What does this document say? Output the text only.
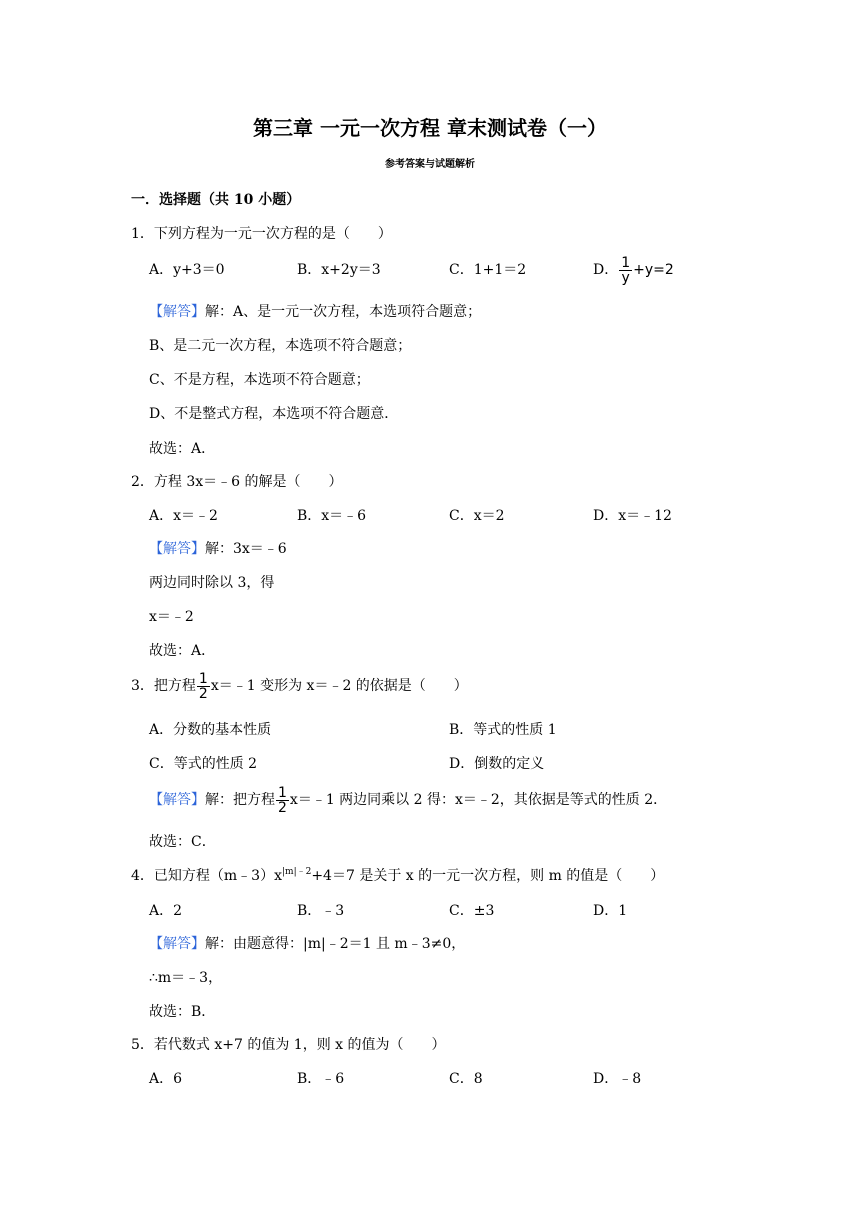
第三章 一元一次方程 章末测试卷（一）
参考答案与试题解析
一．选择题（共 10 小题）
1．下列方程为一元一次方程的是（　　）
A．y+3＝0	B．x+2y＝3	C．1+1＝2	D． $\frac{1}{y} +y=2$
【解答】解：A、是一元一次方程，本选项符合题意；
B、是二元一次方程，本选项不符合题意；
C、不是方程，本选项不符合题意；
D、不是整式方程，本选项不符合题意．
故选：A．
2．方程 3x＝﹣6 的解是（　　）
A．x＝﹣2	B．x＝﹣6	C．x＝2	D．x＝﹣12
【解答】解：3x＝﹣6
两边同时除以 3，得
x＝﹣2
故选：A．
3．把方程 $\frac{1}{2}$ x＝﹣1 变形为 x＝﹣2 的依据是（　　）
A．分数的基本性质	B．等式的性质 1
C．等式的性质 2	D．倒数的定义
【解答】解：把方程 $\frac{1}{2}$ x＝﹣1 两边同乘以 2 得：x＝﹣2，其依据是等式的性质 2．
故选：C．
4．已知方程$(m﹣3)x^{|m|﹣2}+4=7$ 是关于 x 的一元一次方程，则 m 的值是（　　）
A．2	B．﹣3	C．±3	D．1
【解答】解：由题意得：|m|﹣2＝1 且 m﹣3≠0，
∴m＝﹣3，
故选：B．
5．若代数式 x+7 的值为 1，则 x 的值为（　　）
A．6	B．﹣6	C．8	D．﹣8
